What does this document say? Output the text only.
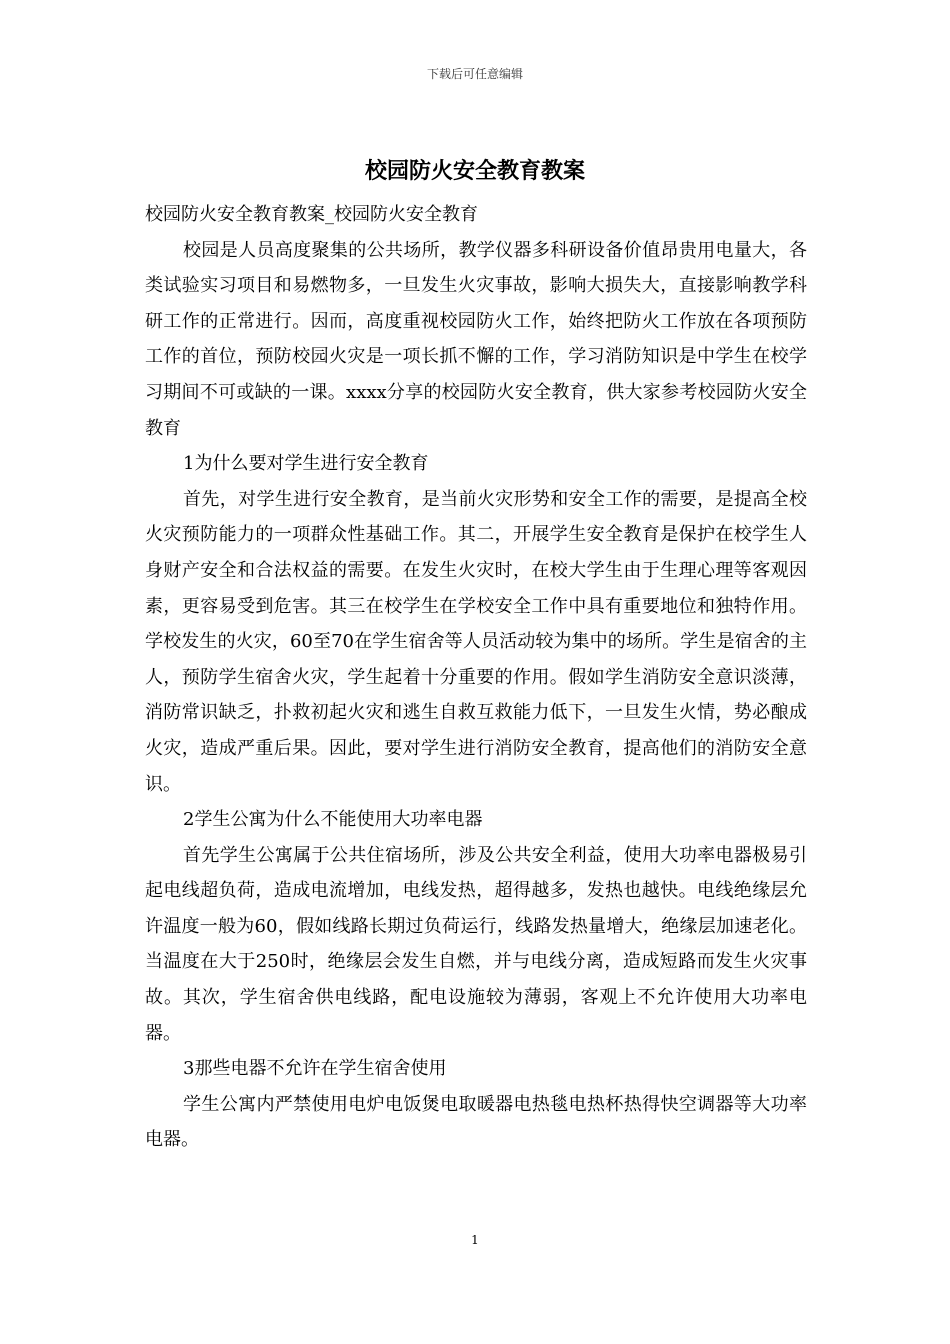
下载后可任意编辑
校园防火安全教育教案

校园防火安全教育教案_校园防火安全教育

校园是人员高度聚集的公共场所，教学仪器多科研设备价值昂贵用电量大，各类试验实习项目和易燃物多，一旦发生火灾事故，影响大损失大，直接影响教学科研工作的正常进行。因而，高度重视校园防火工作，始终把防火工作放在各项预防工作的首位，预防校园火灾是一项长抓不懈的工作，学习消防知识是中学生在校学习期间不可或缺的一课。xxxx分享的校园防火安全教育，供大家参考校园防火安全教育

1为什么要对学生进行安全教育

首先，对学生进行安全教育，是当前火灾形势和安全工作的需要，是提高全校火灾预防能力的一项群众性基础工作。其二，开展学生安全教育是保护在校学生人身财产安全和合法权益的需要。在发生火灾时，在校大学生由于生理心理等客观因素，更容易受到危害。其三在校学生在学校安全工作中具有重要地位和独特作用。学校发生的火灾，60至70在学生宿舍等人员活动较为集中的场所。学生是宿舍的主人，预防学生宿舍火灾，学生起着十分重要的作用。假如学生消防安全意识淡薄，消防常识缺乏，扑救初起火灾和逃生自救互救能力低下，一旦发生火情，势必酿成火灾，造成严重后果。因此，要对学生进行消防安全教育，提高他们的消防安全意识。

2学生公寓为什么不能使用大功率电器

首先学生公寓属于公共住宿场所，涉及公共安全利益，使用大功率电器极易引起电线超负荷，造成电流增加，电线发热，超得越多，发热也越快。电线绝缘层允许温度一般为60，假如线路长期过负荷运行，线路发热量增大，绝缘层加速老化。当温度在大于250时，绝缘层会发生自燃，并与电线分离，造成短路而发生火灾事故。其次，学生宿舍供电线路，配电设施较为薄弱，客观上不允许使用大功率电器。

3那些电器不允许在学生宿舍使用

学生公寓内严禁使用电炉电饭煲电取暖器电热毯电热杯热得快空调器等大功率电器。

1
